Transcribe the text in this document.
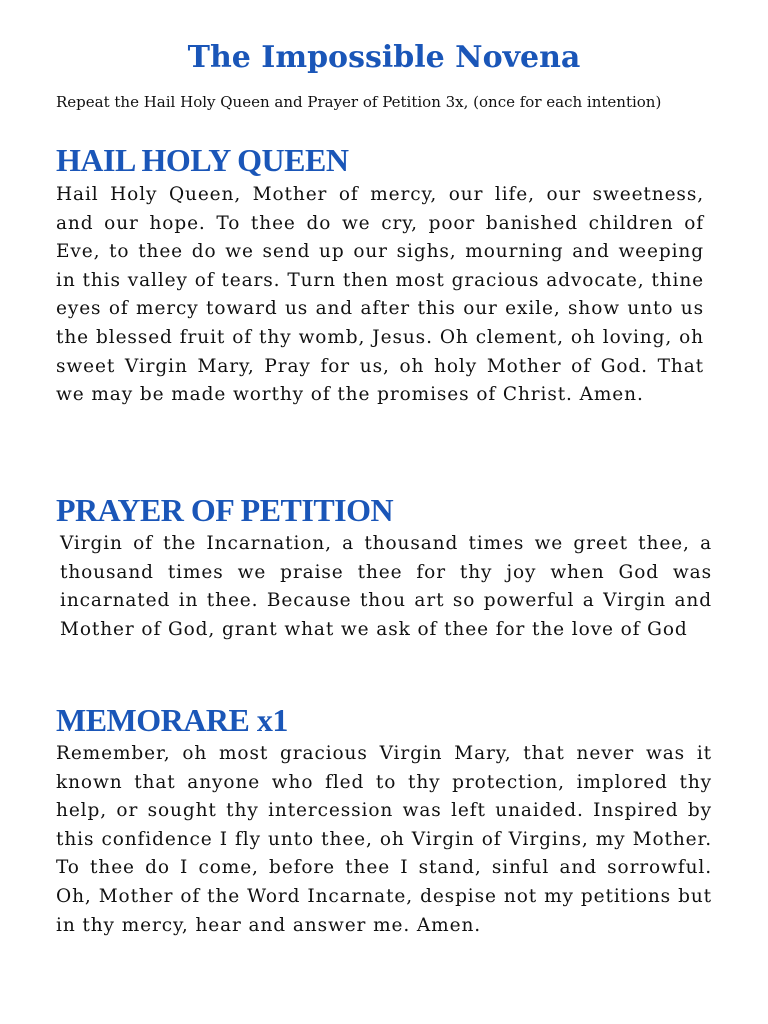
The Impossible Novena

Repeat the Hail Holy Queen and Prayer of Petition 3x, (once for each intention)

HAIL HOLY QUEEN

Hail Holy Queen, Mother of mercy, our life, our sweetness, and our hope. To thee do we cry, poor banished children of Eve, to thee do we send up our sighs, mourning and weeping in this valley of tears. Turn then most gracious advocate, thine eyes of mercy toward us and after this our exile, show unto us the blessed fruit of thy womb, Jesus. Oh clement, oh loving, oh sweet Virgin Mary, Pray for us, oh holy Mother of God. That we may be made worthy of the promises of Christ. Amen.

PRAYER OF PETITION

Virgin of the Incarnation, a thousand times we greet thee, a thousand times we praise thee for thy joy when God was incarnated in thee. Because thou art so powerful a Virgin and Mother of God, grant what we ask of thee for the love of God

MEMORARE x1

Remember, oh most gracious Virgin Mary, that never was it known that anyone who fled to thy protection, implored thy help, or sought thy intercession was left unaided. Inspired by this confidence I fly unto thee, oh Virgin of Virgins, my Mother. To thee do I come, before thee I stand, sinful and sorrowful. Oh, Mother of the Word Incarnate, despise not my petitions but in thy mercy, hear and answer me. Amen.
